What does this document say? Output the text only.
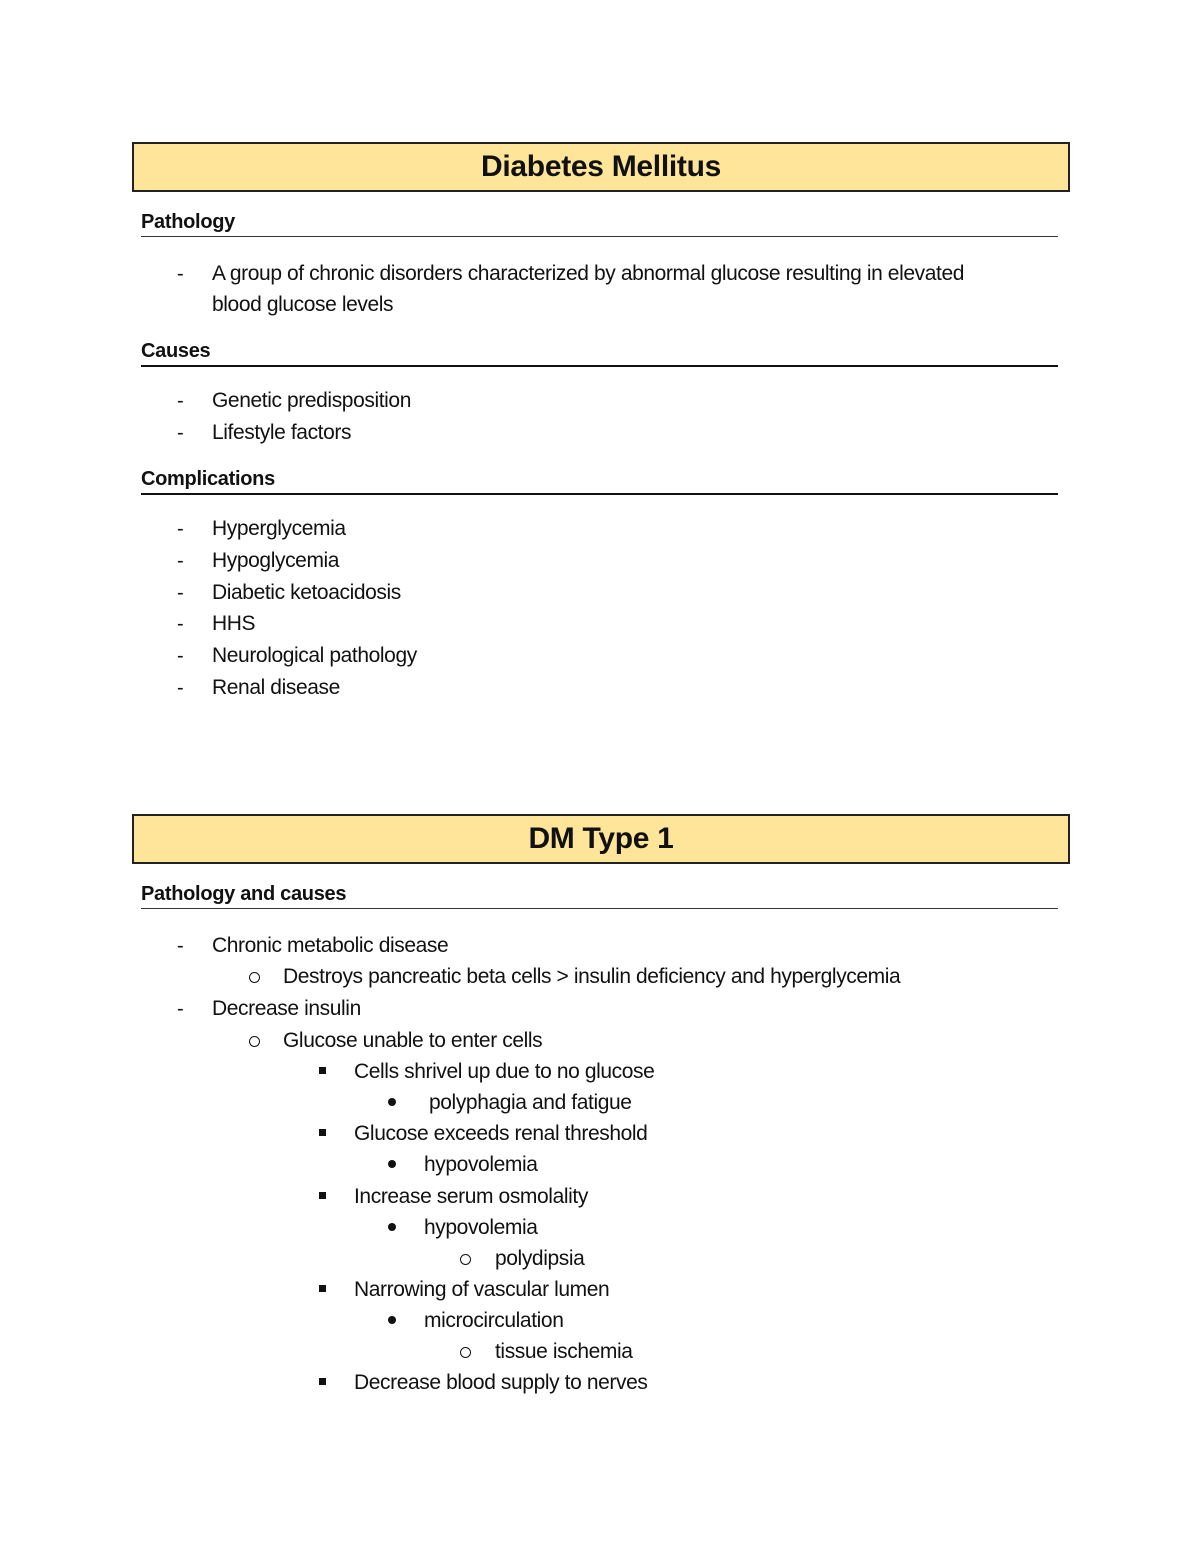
Diabetes Mellitus
Pathology
- A group of chronic disorders characterized by abnormal glucose resulting in elevated
blood glucose levels
Causes
- Genetic predisposition
- Lifestyle factors
Complications
- Hyperglycemia
- Hypoglycemia
- Diabetic ketoacidosis
- HHS
- Neurological pathology
- Renal disease
DM Type 1
Pathology and causes
- Chronic metabolic disease
Destroys pancreatic beta cells > insulin deficiency and hyperglycemia
- Decrease insulin
Glucose unable to enter cells
Cells shrivel up due to no glucose
polyphagia and fatigue
Glucose exceeds renal threshold
hypovolemia
Increase serum osmolality
hypovolemia
polydipsia
Narrowing of vascular lumen
microcirculation
tissue ischemia
Decrease blood supply to nerves
